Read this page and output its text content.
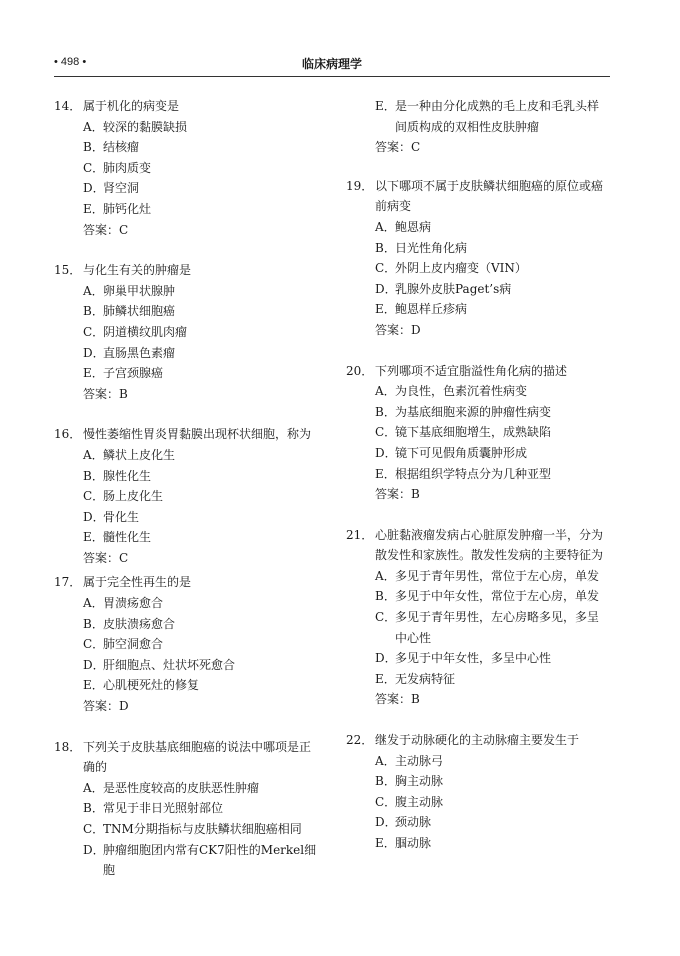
• 498 •	临床病理学
14． 属于机化的病变是
A． 较深的黏膜缺损
B． 结核瘤
C．
肺肉质变
D．
肾空洞
E． 肺钙化灶
答案：C
15． 与化生有关的肿瘤是
A． 卵巢甲状腺肿
B． 肺鳞状细胞癌
C．
阴道横纹肌肉瘤
D．
直肠黑色素瘤
E． 子宫颈腺癌
答案：B
16． 慢性萎缩性胃炎胃黏膜出现杯状细胞，称为
A． 鳞状上皮化生
B． 腺性化生
C．
肠上皮化生
D．
骨化生
E． 髓性化生
答案：C
17． 属于完全性再生的是
A． 胃溃疡愈合
B． 皮肤溃疡愈合
C．
肺空洞愈合
D．
肝细胞点、灶状坏死愈合
E． 心肌梗死灶的修复
答案：D
18． 下列关于皮肤基底细胞癌的说法中哪项是正确的
A． 是恶性度较高的皮肤恶性肿瘤
B． 常见于非日光照射部位
C．
TNM分期指标与皮肤鳞状细胞癌相同
D．
肿瘤细胞团内常有CK7阳性的Merkel细胞
E． 是一种由分化成熟的毛上皮和毛乳头样间质构成的双相性皮肤肿瘤
答案：C
19． 以下哪项不属于皮肤鳞状细胞癌的原位或癌前病变
A． 鲍恩病
B． 日光性角化病
C．
外阴上皮内瘤变（VIN）
D．
乳腺外皮肤Paget’s病
E． 鲍恩样丘疹病
答案：D
20． 下列哪项不适宜脂溢性角化病的描述
A． 为良性，色素沉着性病变
B． 为基底细胞来源的肿瘤性病变
C．
镜下基底细胞增生，成熟缺陷
D．
镜下可见假角质囊肿形成
E． 根据组织学特点分为几种亚型
答案：B
21． 心脏黏液瘤发病占心脏原发肿瘤一半，分为散发性和家族性。散发性发病的主要特征为
A． 多见于青年男性，常位于左心房，单发
B． 多见于中年女性，常位于左心房，单发
C．
多见于青年男性，左心房略多见，多呈中心性
D．
多见于中年女性，多呈中心性
E． 无发病特征
答案：B
22． 继发于动脉硬化的主动脉瘤主要发生于
A． 主动脉弓
B． 胸主动脉
C．
腹主动脉
D．
颈动脉
E． 腘动脉
